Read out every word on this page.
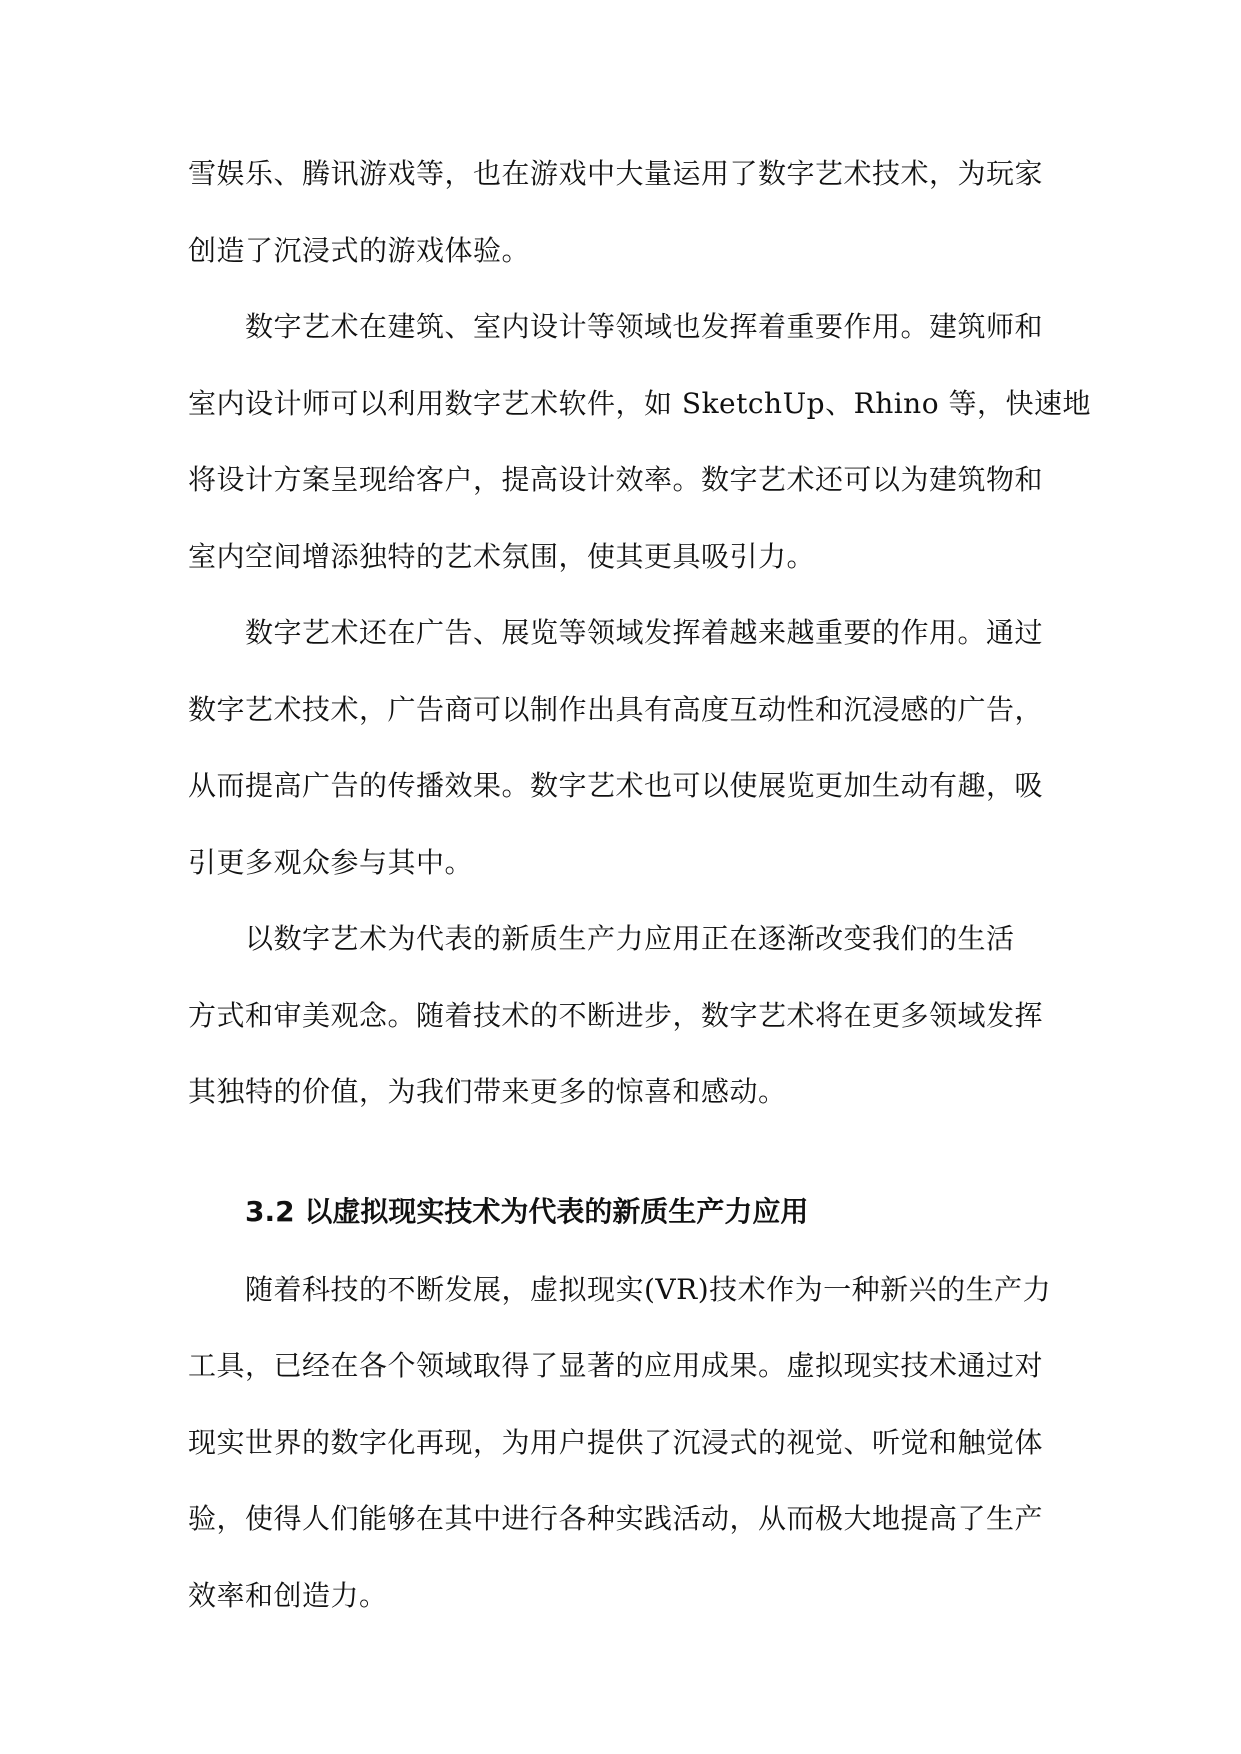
雪娱乐、腾讯游戏等，也在游戏中大量运用了数字艺术技术，为玩家
创造了沉浸式的游戏体验。
数字艺术在建筑、室内设计等领域也发挥着重要作用。建筑师和
室内设计师可以利用数字艺术软件，如 SketchUp、Rhino 等，快速地
将设计方案呈现给客户，提高设计效率。数字艺术还可以为建筑物和
室内空间增添独特的艺术氛围，使其更具吸引力。
数字艺术还在广告、展览等领域发挥着越来越重要的作用。通过
数字艺术技术，广告商可以制作出具有高度互动性和沉浸感的广告，
从而提高广告的传播效果。数字艺术也可以使展览更加生动有趣，吸
引更多观众参与其中。
以数字艺术为代表的新质生产力应用正在逐渐改变我们的生活
方式和审美观念。随着技术的不断进步，数字艺术将在更多领域发挥
其独特的价值，为我们带来更多的惊喜和感动。
3.2 以虚拟现实技术为代表的新质生产力应用
随着科技的不断发展，虚拟现实(VR)技术作为一种新兴的生产力
工具，已经在各个领域取得了显著的应用成果。虚拟现实技术通过对
现实世界的数字化再现，为用户提供了沉浸式的视觉、听觉和触觉体
验，使得人们能够在其中进行各种实践活动，从而极大地提高了生产
效率和创造力。
